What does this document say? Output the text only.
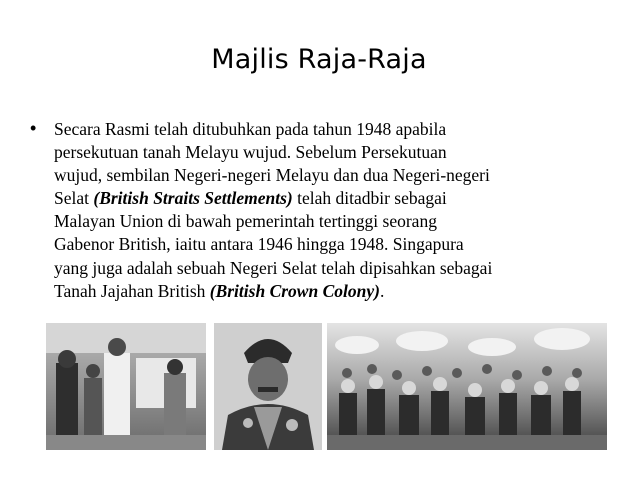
Majlis Raja-Raja
• Secara Rasmi telah ditubuhkan pada tahun 1948 apabila
persekutuan tanah Melayu wujud. Sebelum Persekutuan
wujud, sembilan Negeri-negeri Melayu dan dua Negeri-negeri
Selat (British Straits Settlements) telah ditadbir sebagai
Malayan Union di bawah pemerintah tertinggi seorang
Gabenor British, iaitu antara 1946 hingga 1948. Singapura
yang juga adalah sebuah Negeri Selat telah dipisahkan sebagai
Tanah Jajahan British (British Crown Colony).
